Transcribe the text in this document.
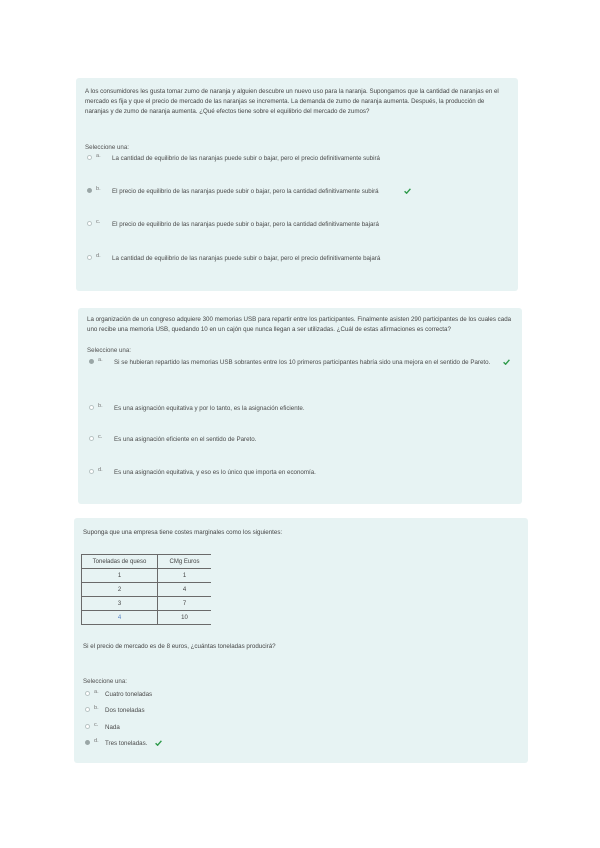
A los consumidores les gusta tomar zumo de naranja y alguien descubre un nuevo uso para la naranja. Supongamos que la cantidad de naranjas en el mercado es fija y que el precio de mercado de las naranjas se incrementa. La demanda de zumo de naranja aumenta. Después, la producción de naranjas y de zumo de naranja aumenta. ¿Qué efectos tiene sobre el equilibrio del mercado de zumos?
Seleccione una:
a. La cantidad de equilibrio de las naranjas puede subir o bajar, pero el precio definitivamente subirá
b. El precio de equilibrio de las naranjas puede subir o bajar, pero la cantidad definitivamente subirá
c. El precio de equilibrio de las naranjas puede subir o bajar, pero la cantidad definitivamente bajará
d. La cantidad de equilibrio de las naranjas puede subir o bajar, pero el precio definitivamente bajará
La organización de un congreso adquiere 300 memorias USB para repartir entre los participantes. Finalmente asisten 290 participantes de los cuales cada uno recibe una memoria USB, quedando 10 en un cajón que nunca llegan a ser utilizadas. ¿Cuál de estas afirmaciones es correcta?
Seleccione una:
a. Si se hubieran repartido las memorias USB sobrantes entre los 10 primeros participantes habría sido una mejora en el sentido de Pareto.
b. Es una asignación equitativa y por lo tanto, es la asignación eficiente.
c. Es una asignación eficiente en el sentido de Pareto.
d. Es una asignación equitativa, y eso es lo único que importa en economía.
Suponga que una empresa tiene costes marginales como los siguientes:
Toneladas de queso	CMg Euros
1	1
2	4
3	7
4	10
Si el precio de mercado es de 8 euros, ¿cuántas toneladas producirá?
Seleccione una:
a. Cuatro toneladas
b. Dos toneladas
c. Nada
d. Tres toneladas.
